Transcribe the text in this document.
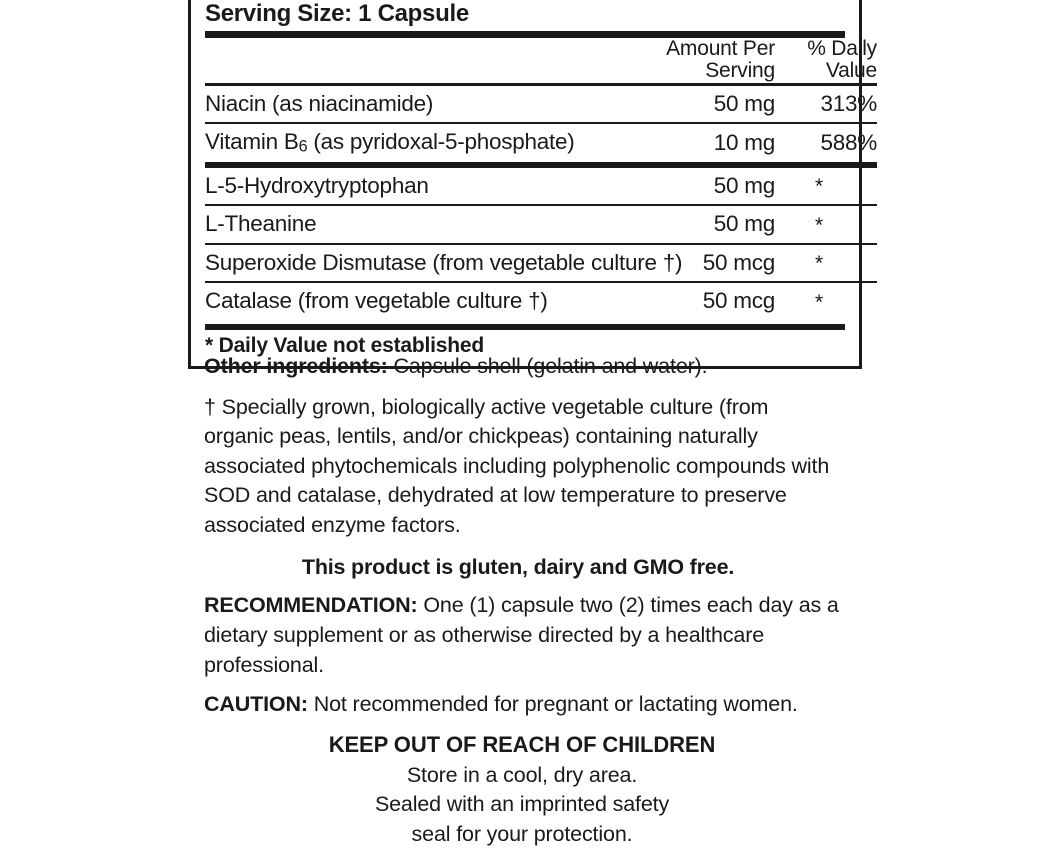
Serving Size: 1 Capsule
	Amount Per
Serving	% Daily
Value

Niacin (as niacinamide)	50 mg	313%

Vitamin B6 (as pyridoxal-5-phosphate)	10 mg	588%

L-5-Hydroxytryptophan	50 mg	*

L-Theanine	50 mg	*

Superoxide Dismutase (from vegetable culture †)	50 mcg	*

Catalase (from vegetable culture †)	50 mcg	*
* Daily Value not established

Other ingredients: Capsule shell (gelatin and water).

† Specially grown, biologically active vegetable culture (from organic peas, lentils, and/or chickpeas) containing naturally associated phytochemicals including polyphenolic compounds with SOD and catalase, dehydrated at low temperature to preserve associated enzyme factors.

This product is gluten, dairy and GMO free.

RECOMMENDATION: One (1) capsule two (2) times each day as a dietary supplement or as otherwise directed by a healthcare professional.

CAUTION: Not recommended for pregnant or lactating women.

KEEP OUT OF REACH OF CHILDREN
Store in a cool, dry area.
Sealed with an imprinted safety
seal for your protection.
